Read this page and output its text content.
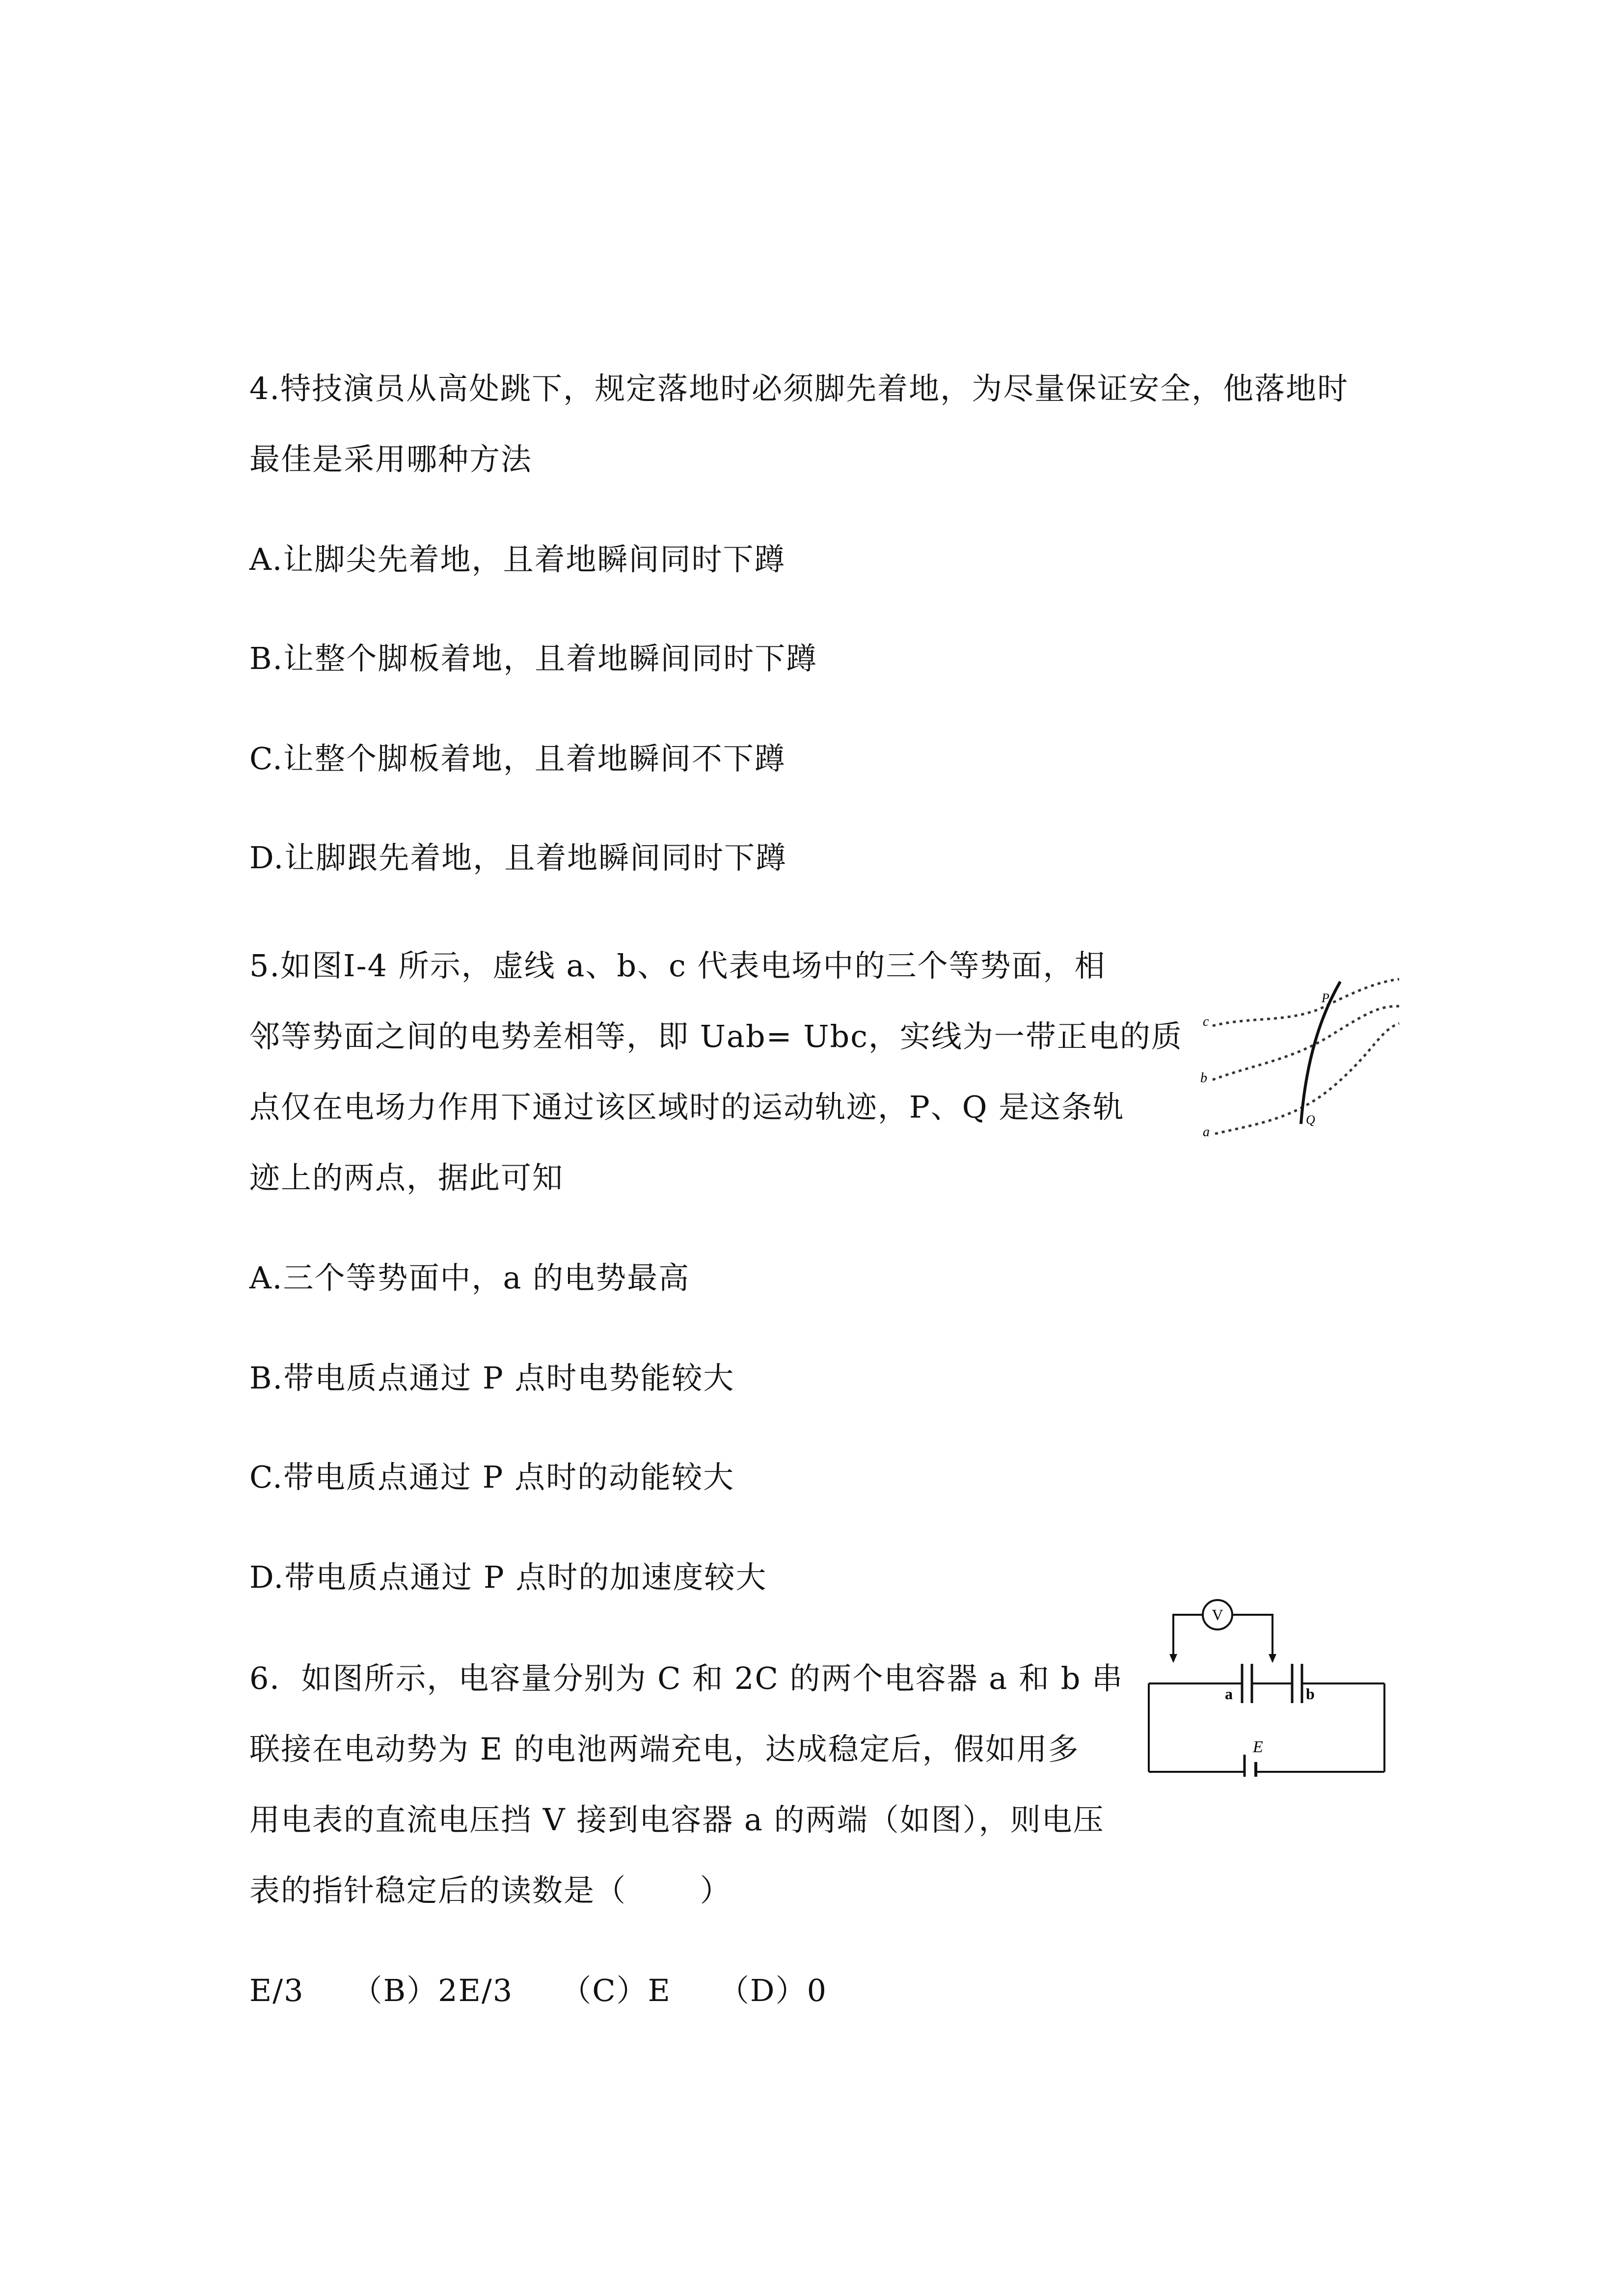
4.特技演员从高处跳下，规定落地时必须脚先着地，为尽量保证安全，他落地时
最佳是采用哪种方法
A.让脚尖先着地，且着地瞬间同时下蹲
B.让整个脚板着地，且着地瞬间同时下蹲
C.让整个脚板着地，且着地瞬间不下蹲
D.让脚跟先着地，且着地瞬间同时下蹲
5.如图Ⅰ-4 所示，虚线 a、b、c 代表电场中的三个等势面，相
邻等势面之间的电势差相等，即 Uab= Ubc，实线为一带正电的质
点仅在电场力作用下通过该区域时的运动轨迹，P、Q 是这条轨
迹上的两点，据此可知
A.三个等势面中，a 的电势最高
B.带电质点通过 P 点时电势能较大
C.带电质点通过 P 点时的动能较大
D.带电质点通过 P 点时的加速度较大
c
b
a
P
Q
6．如图所示，电容量分别为 C 和 2C 的两个电容器 a 和 b 串
联接在电动势为 E 的电池两端充电，达成稳定后，假如用多
用电表的直流电压挡 V 接到电容器 a 的两端（如图），则电压
表的指针稳定后的读数是（　　 ）
E/3　　（B）2E/3　　（C）E　　（D）0
V
a	b
E
